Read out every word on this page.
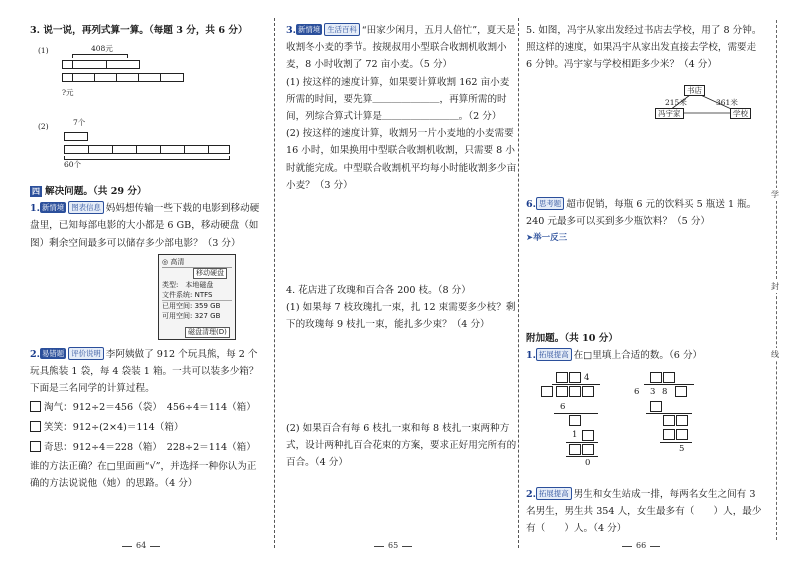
3. 说一说，再列式算一算。（每题 3 分，共 6 分）
(1)	408元
?元
(2)	7个
60个
四 解决问题。（共 29 分）
1. 新情境 图表信息 妈妈想传输一些下载的电影到移动硬盘里，已知每部电影的大小都是 6 GB，移动硬盘（如图）剩余空间最多可以储存多少部电影？（3 分）
◎ 高清
移动硬盘
类型:　 本地磁盘
文件系统: NTFS
已用空间: 359 GB
可用空间: 327 GB
磁盘清理(D)
2. 易错题 评价说明 李阿姨做了 912 个玩具熊，每 2 个玩具熊装 1 袋，每 4 袋装 1 箱。一共可以装多少箱？下面是三名同学的计算过程。
淘气：912÷2＝456（袋）　456÷4＝114（箱）
笑笑：912÷(2×4)＝114（箱）
奇思：912÷4＝228（箱）　228÷2＝114（箱）
谁的方法正确？在□里面画“√”，并选择一种你认为正确的方法说说他（她）的思路。（4 分）
64
3. 新情境 生活百科 “田家少闲月，五月人倍忙”，夏天是收割冬小麦的季节。按规叔用小型联合收割机收割小麦，8 小时收割了 72 亩小麦。（5 分）
(1) 按这样的速度计算，如果要计算收割 162 亩小麦所需的时间，要先算＿＿＿＿＿＿＿，再算所需的时间，列综合算式计算是＿＿＿＿＿＿＿＿。（2 分）
(2) 按这样的速度计算，收割另一片小麦地的小麦需要 16 小时，如果换用中型联合收割机收割，只需要 8 小时就能完成。中型联合收割机平均每小时能收割多少亩小麦？（3 分）
4. 花店进了玫瑰和百合各 200 枝。（8 分）
(1) 如果每 7 枝玫瑰扎一束，扎 12 束需要多少枝？剩下的玫瑰每 9 枝扎一束，能扎多少束？（4 分）
(2) 如果百合有每 6 枝扎一束和每 8 枝扎一束两种方式，设计两种扎百合花束的方案，要求正好用完所有的百合。（4 分）
65
5. 如图，冯宇从家出发经过书店去学校，用了 8 分钟。照这样的速度，如果冯宇从家出发直接去学校，需要走 6 分钟。冯宇家与学校相距多少米？（4 分）
书店
215米	361米
冯宇家	学校
6. 思考题 超市促销，每瓶 6 元的饮料买 5 瓶送 1 瓶。240 元最多可以买到多少瓶饮料？（5 分）
➤举一反三
附加题。（共 10 分）
1. 拓展提高 在□里填上合适的数。（6 分）
4
6
1
0
6 3 8
5
2. 拓展提高 男生和女生站成一排，每两名女生之间有 3 名男生，男生共 354 人，女生最多有（　　）人，最少有（　　）人。（4 分）
66
学
封
线
